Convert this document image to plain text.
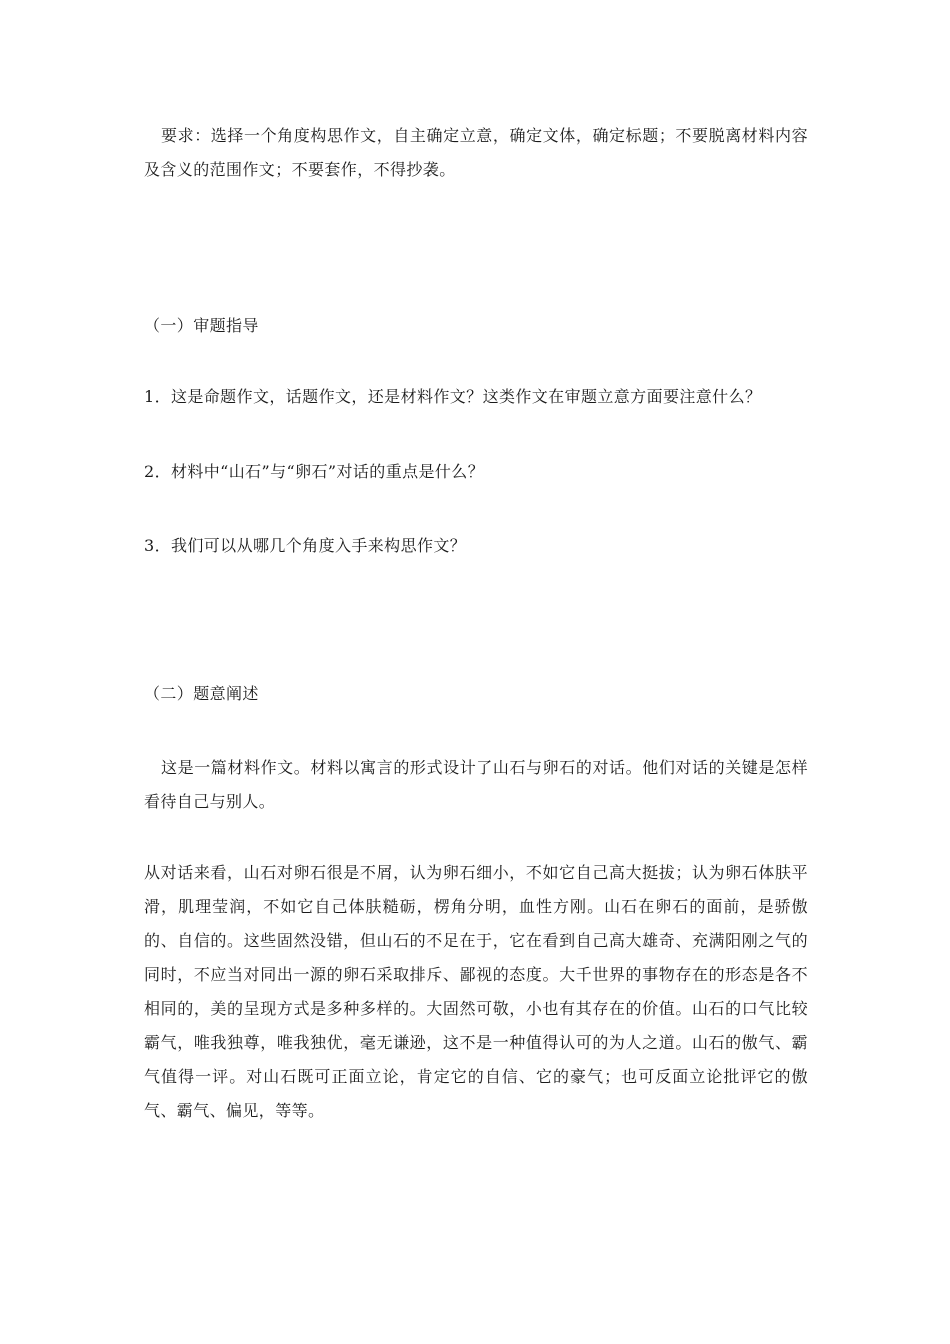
要求：选择一个角度构思作文，自主确定立意，确定文体，确定标题；不要脱离材料内容及含义的范围作文；不要套作，不得抄袭。

（一）审题指导

1．这是命题作文，话题作文，还是材料作文？这类作文在审题立意方面要注意什么？

2．材料中“山石”与“卵石”对话的重点是什么？

3．我们可以从哪几个角度入手来构思作文？

（二）题意阐述

这是一篇材料作文。材料以寓言的形式设计了山石与卵石的对话。他们对话的关键是怎样看待自己与别人。

从对话来看，山石对卵石很是不屑，认为卵石细小，不如它自己高大挺拔；认为卵石体肤平滑，肌理莹润，不如它自己体肤糙砺，楞角分明，血性方刚。山石在卵石的面前，是骄傲的、自信的。这些固然没错，但山石的不足在于，它在看到自己高大雄奇、充满阳刚之气的同时，不应当对同出一源的卵石采取排斥、鄙视的态度。大千世界的事物存在的形态是各不相同的，美的呈现方式是多种多样的。大固然可敬，小也有其存在的价值。山石的口气比较霸气，唯我独尊，唯我独优，毫无谦逊，这不是一种值得认可的为人之道。山石的傲气、霸气值得一评。对山石既可正面立论，肯定它的自信、它的豪气；也可反面立论批评它的傲气、霸气、偏见，等等。
